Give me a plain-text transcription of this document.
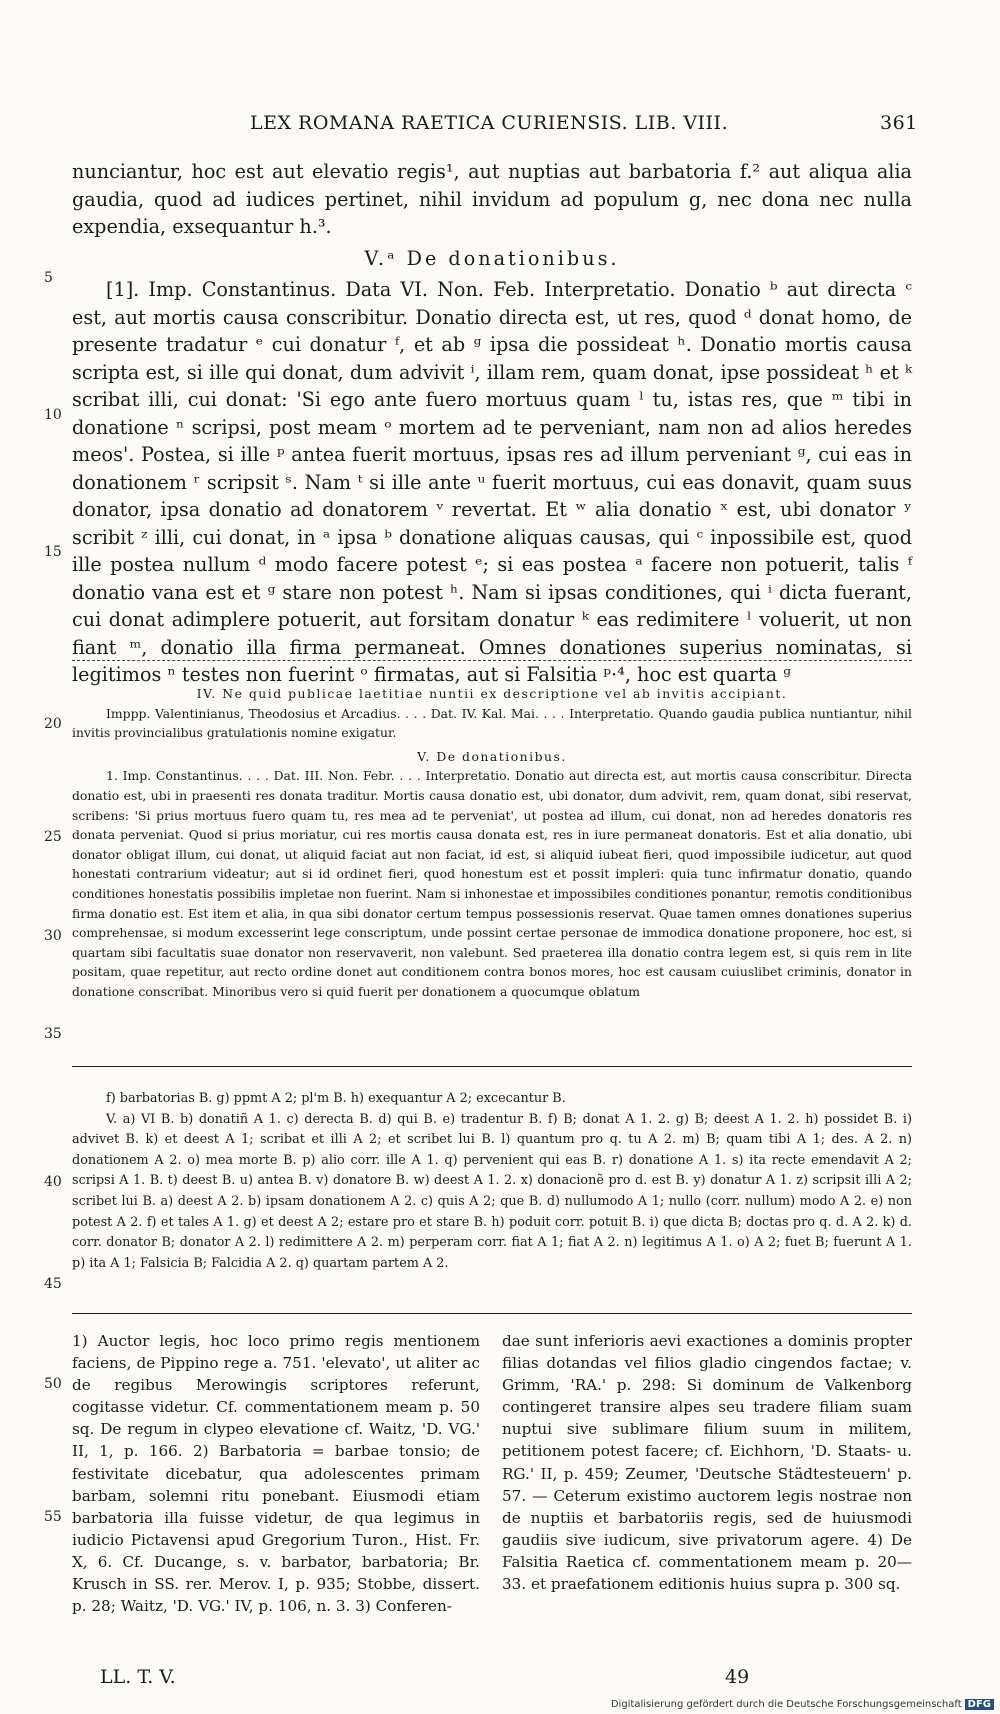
LEX ROMANA RAETICA CURIENSIS. LIB. VIII.	361

nunciantur, hoc est aut elevatio regis¹, aut nuptias aut barbatoria f.² aut aliqua alia gaudia, quod ad iudices pertinet, nihil invidum ad populum g, nec dona nec nulla expendia, exsequantur h.³.

V.ᵃ De donationibus.

[1]. Imp. Constantinus. Data VI. Non. Feb. Interpretatio. Donatio ᵇ aut directa ᶜ est, aut mortis causa conscribitur. Donatio directa est, ut res, quod ᵈ donat homo, de presente tradatur ᵉ cui donatur ᶠ, et ab ᵍ ipsa die possideat ʰ. Donatio mortis causa scripta est, si ille qui donat, dum advivit ⁱ, illam rem, quam donat, ipse possideat ʰ et ᵏ scribat illi, cui donat: 'Si ego ante fuero mortuus quam ˡ tu, istas res, que ᵐ tibi in donatione ⁿ scripsi, post meam ᵒ mortem ad te perveniant, nam non ad alios heredes meos'. Postea, si ille ᵖ antea fuerit mortuus, ipsas res ad illum perveniant ᵍ, cui eas in donationem ʳ scripsit ˢ. Nam ᵗ si ille ante ᵘ fuerit mortuus, cui eas donavit, quam suus donator, ipsa donatio ad donatorem ᵛ revertat. Et ʷ alia donatio ˣ est, ubi donator ʸ scribit ᶻ illi, cui donat, in ᵃ ipsa ᵇ donatione aliquas causas, qui ᶜ inpossibile est, quod ille postea nullum ᵈ modo facere potest ᵉ; si eas postea ᵃ facere non potuerit, talis ᶠ donatio vana est et ᵍ stare non potest ʰ. Nam si ipsas conditiones, qui ⁱ dicta fuerant, cui donat adimplere potuerit, aut forsitam donatur ᵏ eas redimitere ˡ voluerit, ut non fiant ᵐ, donatio illa firma permaneat. Omnes donationes superius nominatas, si legitimos ⁿ testes non fuerint ᵒ firmatas, aut si Falsitia ᵖ·⁴, hoc est quarta ᵍ

5
10
15
20
25
30
35
40
45
50
55

IV. Ne quid publicae laetitiae nuntii ex descriptione vel ab invitis accipiant.

Imppp. Valentinianus, Theodosius et Arcadius. . . . Dat. IV. Kal. Mai. . . . Interpretatio. Quando gaudia publica nuntiantur, nihil invitis provincialibus gratulationis nomine exigatur.

V. De donationibus.

1. Imp. Constantinus. . . . Dat. III. Non. Febr. . . . Interpretatio. Donatio aut directa est, aut mortis causa conscribitur. Directa donatio est, ubi in praesenti res donata traditur. Mortis causa donatio est, ubi donator, dum advivit, rem, quam donat, sibi reservat, scribens: 'Si prius mortuus fuero quam tu, res mea ad te perveniat', ut postea ad illum, cui donat, non ad heredes donatoris res donata perveniat. Quod si prius moriatur, cui res mortis causa donata est, res in iure permaneat donatoris. Est et alia donatio, ubi donator obligat illum, cui donat, ut aliquid faciat aut non faciat, id est, si aliquid iubeat fieri, quod impossibile iudicetur, aut quod honestati contrarium videatur; aut si id ordinet fieri, quod honestum est et possit impleri: quia tunc infirmatur donatio, quando conditiones honestatis possibilis impletae non fuerint. Nam si inhonestae et impossibiles conditiones ponantur, remotis conditionibus firma donatio est. Est item et alia, in qua sibi donator certum tempus possessionis reservat. Quae tamen omnes donationes superius comprehensae, si modum excesserint lege conscriptum, unde possint certae personae de immodica donatione proponere, hoc est, si quartam sibi facultatis suae donator non reservaverit, non valebunt. Sed praeterea illa donatio contra legem est, si quis rem in lite positam, quae repetitur, aut recto ordine donet aut conditionem contra bonos mores, hoc est causam cuiuslibet criminis, donator in donatione conscribat. Minoribus vero si quid fuerit per donationem a quocumque oblatum

f) barbatorias B. g) ppmt A 2; pl'm B. h) exequantur A 2; excecantur B.

V. a) VI B. b) donatiñ A 1. c) derecta B. d) qui B. e) tradentur B. f) B; donat A 1. 2. g) B; deest A 1. 2. h) possidet B. i) advivet B. k) et deest A 1; scribat et illi A 2; et scribet lui B. l) quantum pro q. tu A 2. m) B; quam tibi A 1; des. A 2. n) donationem A 2. o) mea morte B. p) alio corr. ille A 1. q) pervenient qui eas B. r) donatione A 1. s) ita recte emendavit A 2; scripsi A 1. B. t) deest B. u) antea B. v) donatore B. w) deest A 1. 2. x) donacionẽ pro d. est B. y) donatur A 1. z) scripsit illi A 2; scribet lui B. a) deest A 2. b) ipsam donationem A 2. c) quis A 2; que B. d) nullumodo A 1; nullo (corr. nullum) modo A 2. e) non potest A 2. f) et tales A 1. g) et deest A 2; estare pro et stare B. h) poduit corr. potuit B. i) que dicta B; doctas pro q. d. A 2. k) d. corr. donator B; donator A 2. l) redimittere A 2. m) perperam corr. fiat A 1; fiat A 2. n) legitimus A 1. o) A 2; fuet B; fuerunt A 1. p) ita A 1; Falsicia B; Falcidia A 2. q) quartam partem A 2.

1) Auctor legis, hoc loco primo regis mentionem faciens, de Pippino rege a. 751. 'elevato', ut aliter ac de regibus Merowingis scriptores referunt, cogitasse videtur. Cf. commentationem meam p. 50 sq. De regum in clypeo elevatione cf. Waitz, 'D. VG.' II, 1, p. 166. 2) Barbatoria = barbae tonsio; de festivitate dicebatur, qua adolescentes primam barbam, solemni ritu ponebant. Eiusmodi etiam barbatoria illa fuisse videtur, de qua legimus in iudicio Pictavensi apud Gregorium Turon., Hist. Fr. X, 6. Cf. Ducange, s. v. barbator, barbatoria; Br. Krusch in SS. rer. Merov. I, p. 935; Stobbe, dissert. p. 28; Waitz, 'D. VG.' IV, p. 106, n. 3. 3) Conferen-

dae sunt inferioris aevi exactiones a dominis propter filias dotandas vel filios gladio cingendos factae; v. Grimm, 'RA.' p. 298: Si dominum de Valkenborg contingeret transire alpes seu tradere filiam suam nuptui sive sublimare filium suum in militem, petitionem potest facere; cf. Eichhorn, 'D. Staats- u. RG.' II, p. 459; Zeumer, 'Deutsche Städtesteuern' p. 57. — Ceterum existimo auctorem legis nostrae non de nuptiis et barbatoriis regis, sed de huiusmodi gaudiis sive iudicum, sive privatorum agere. 4) De Falsitia Raetica cf. commentationem meam p. 20—33. et praefationem editionis huius supra p. 300 sq.

LL. T. V.	49
Digitalisierung gefördert durch die Deutsche Forschungsgemeinschaft DFG
